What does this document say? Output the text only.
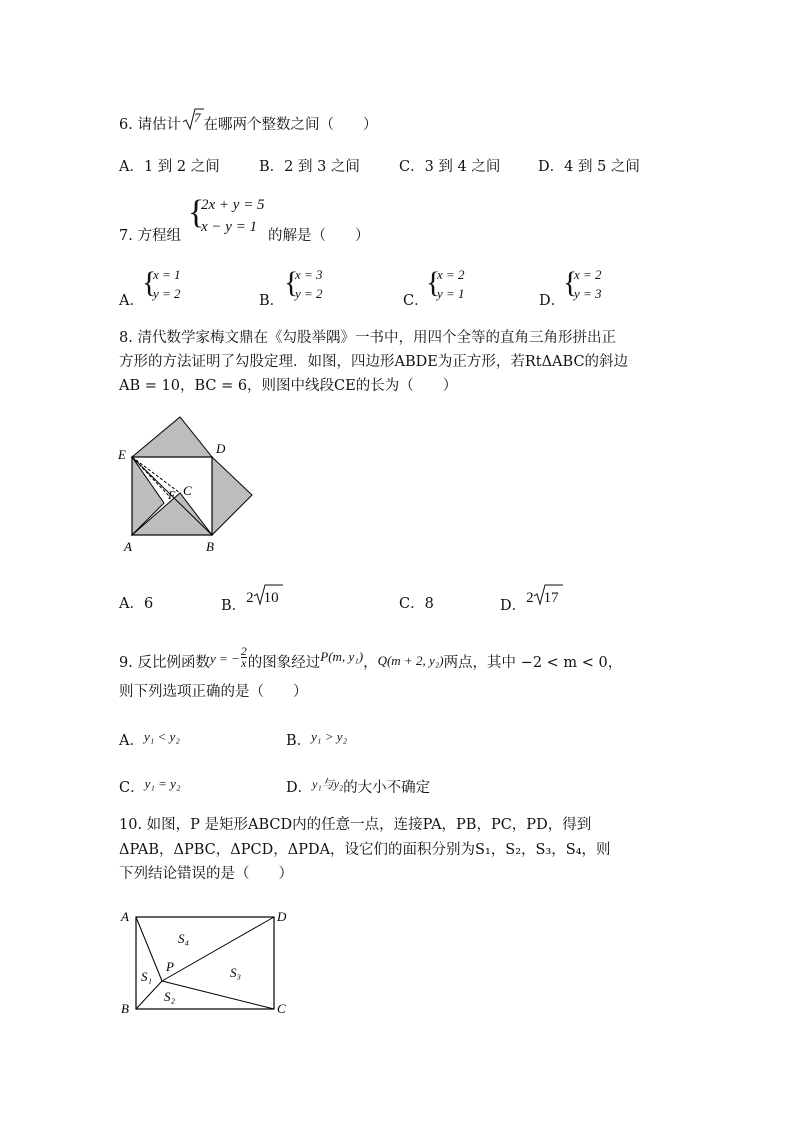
6. 请估计 7 在哪两个整数之间（　　）
A．1 到 2 之间	B．2 到 3 之间	C．3 到 4 之间	D．4 到 5 之间
7. 方程组
{
2x + y = 5
x − y = 1
的解是（　　）
A．
{
x = 1
y = 2	B．
{
x = 3
y = 2	C．
{
x = 2
y = 1	D．
{
x = 2
y = 3
8. 清代数学家梅文鼎在《勾股举隅》一书中，用四个全等的直角三角形拼出正
方形的方法证明了勾股定理．如图，四边形ABDE为正方形，若RtΔABC的斜边
AB = 10，BC = 6，则图中线段CE的长为（　　）
E	D
A	B
C
F
A．6	B．2 10	C．8	D．2 17
9. 反比例函数y = − $\frac{2}{x}$ 的图象经过P(m, y₁)，Q(m + 2, y₂)两点，其中 −2 < m < 0，
则下列选项正确的是（　　）
A．y₁ < y₂	B．y₁ > y₂
C．y₁ = y₂	D．$^{y_1与y_2}$的大小不确定
10. 如图，P 是矩形ABCD内的任意一点，连接PA，PB，PC，PD，得到
ΔPAB，ΔPBC，ΔPCD，ΔPDA，设它们的面积分别为S₁，S₂，S₃，S₄，则
下列结论错误的是（　　）
A	D
B	C
P
S₄
S₁	S₃
S₂
